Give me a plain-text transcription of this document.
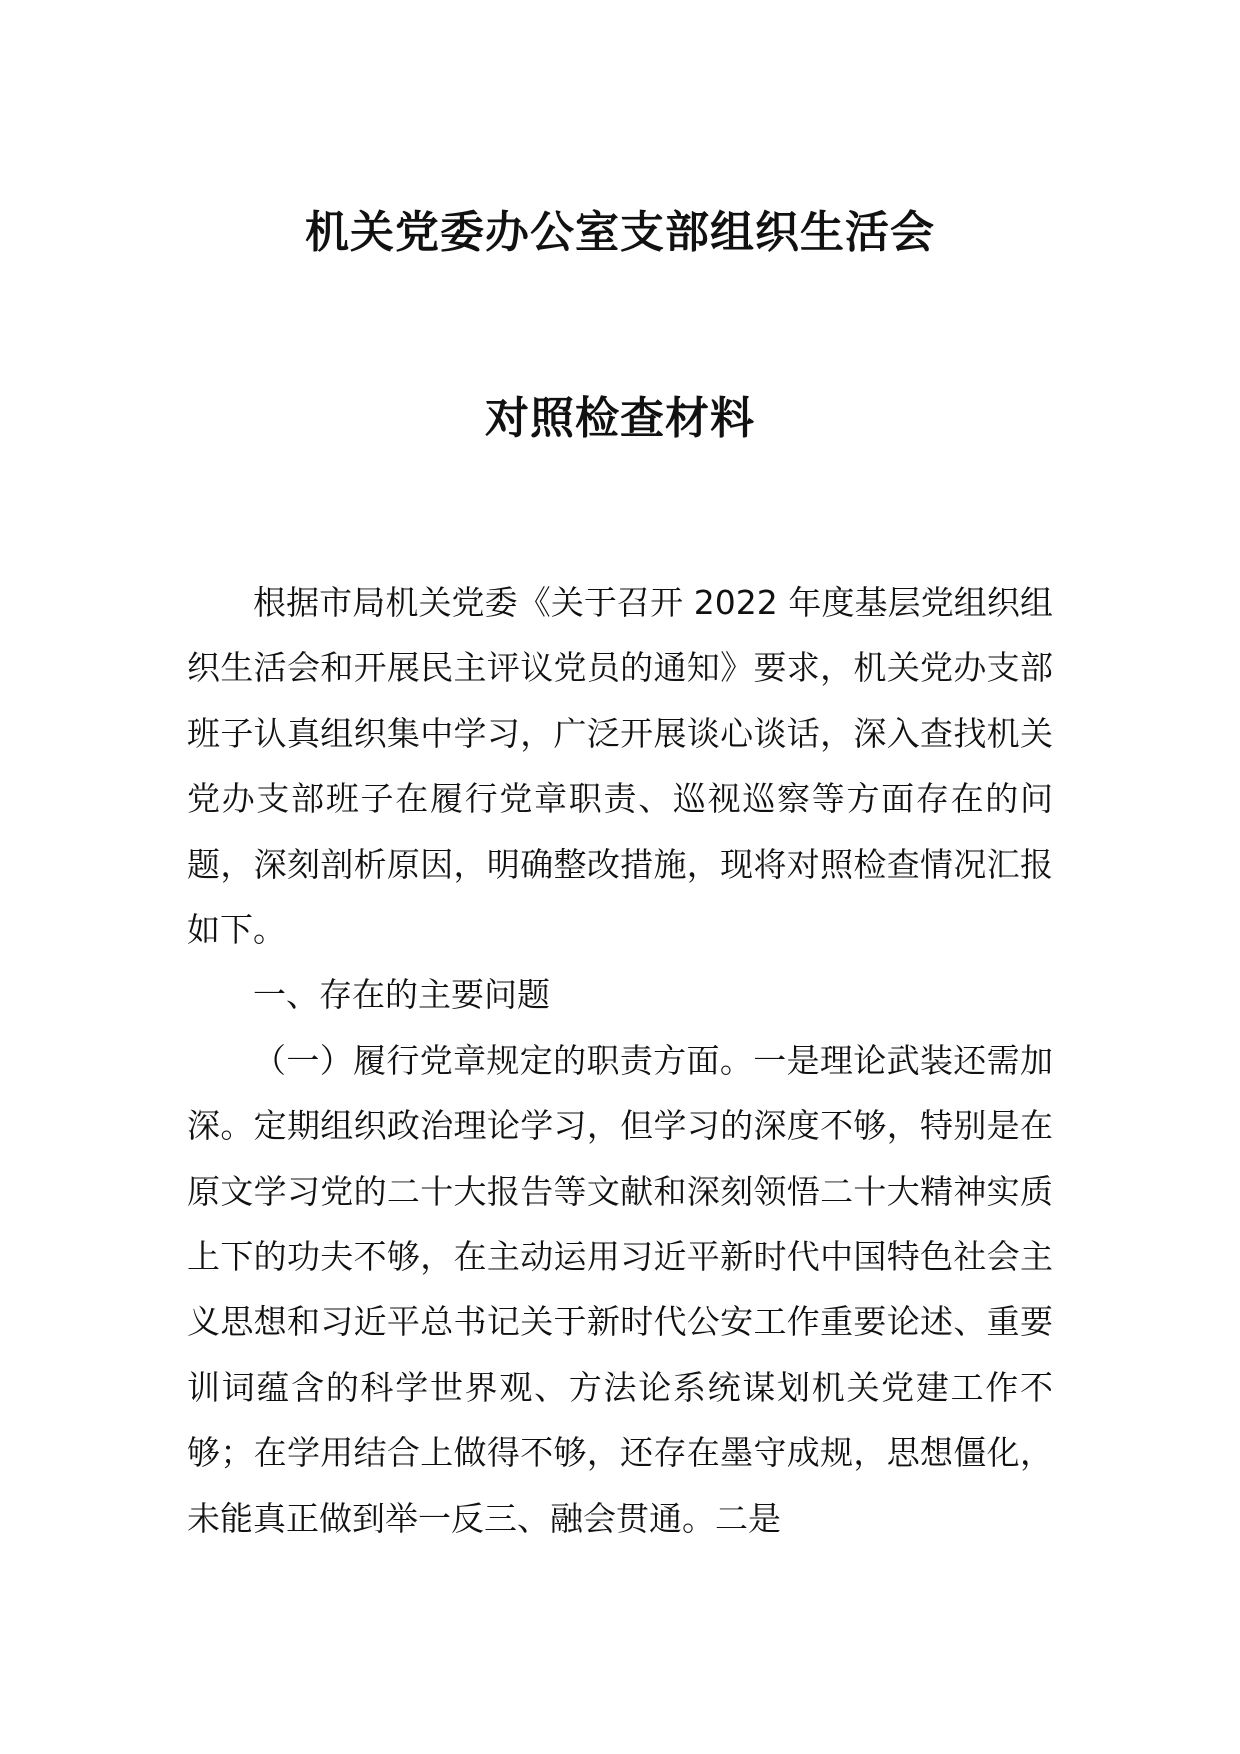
机关党委办公室支部组织生活会
对照检查材料

根据市局机关党委《关于召开 2022 年度基层党组织组织生活会和开展民主评议党员的通知》要求，机关党办支部班子认真组织集中学习，广泛开展谈心谈话，深入查找机关党办支部班子在履行党章职责、巡视巡察等方面存在的问题，深刻剖析原因，明确整改措施，现将对照检查情况汇报如下。

一、存在的主要问题

（一）履行党章规定的职责方面。一是理论武装还需加深。定期组织政治理论学习，但学习的深度不够，特别是在原文学习党的二十大报告等文献和深刻领悟二十大精神实质上下的功夫不够，在主动运用习近平新时代中国特色社会主义思想和习近平总书记关于新时代公安工作重要论述、重要训词蕴含的科学世界观、方法论系统谋划机关党建工作不够；在学用结合上做得不够，还存在墨守成规，思想僵化，未能真正做到举一反三、融会贯通。二是
